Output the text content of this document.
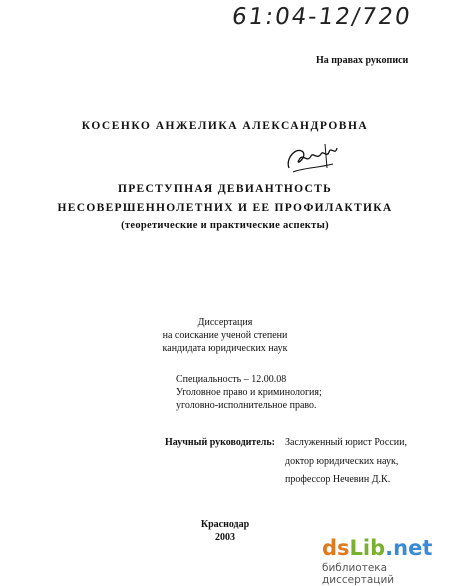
61:04-12/720
На правах рукописи
КОСЕНКО АНЖЕЛИКА АЛЕКСАНДРОВНА
ПРЕСТУПНАЯ ДЕВИАНТНОСТЬ
НЕСОВЕРШЕННОЛЕТНИХ И ЕЕ ПРОФИЛАКТИКА
(теоретические и практические аспекты)
Диссертация
на соискание ученой степени
кандидата юридических наук
Специальность – 12.00.08
Уголовное право и криминология;
уголовно-исполнительное право.
Научный руководитель: Заслуженный юрист России,
доктор юридических наук,
профессор Нечевин Д.К.
Краснодар
2003	dsLib.net
библиотека диссертаций
